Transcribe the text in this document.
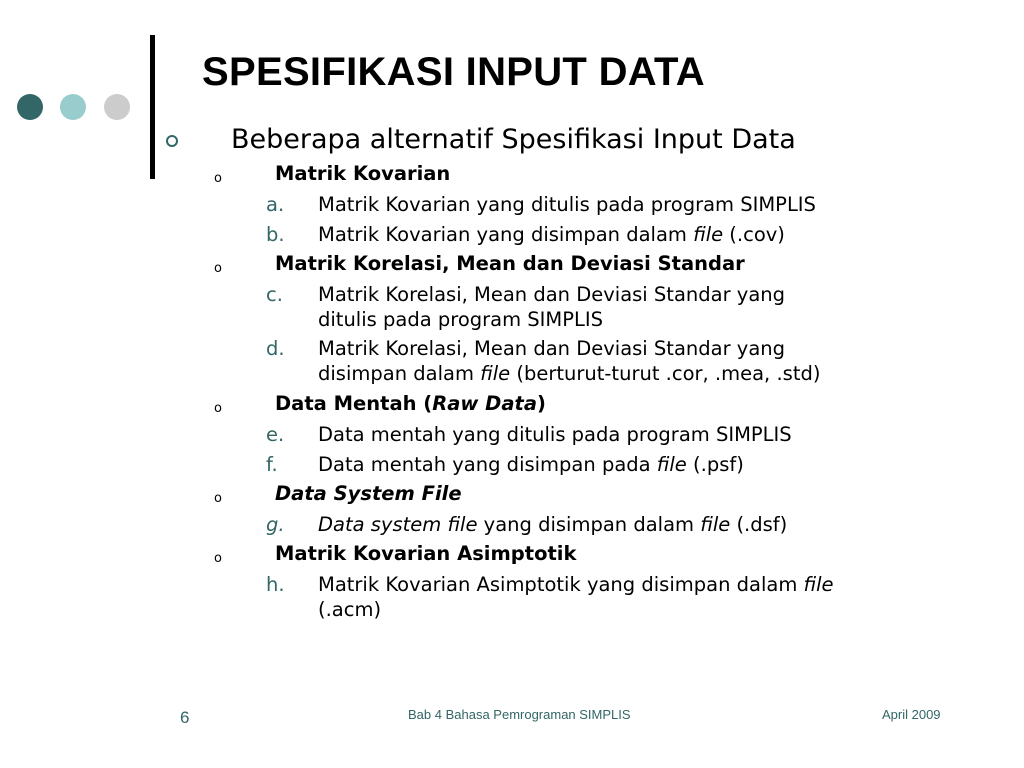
SPESIFIKASI INPUT DATA
Beberapa alternatif Spesifikasi Input Data
o	Matrik Kovarian
a. Matrik Kovarian yang ditulis pada program SIMPLIS
b. Matrik Kovarian yang disimpan dalam file (.cov)
o	Matrik Korelasi, Mean dan Deviasi Standar
c. Matrik Korelasi, Mean dan Deviasi Standar yang
ditulis pada program SIMPLIS
d. Matrik Korelasi, Mean dan Deviasi Standar yang
disimpan dalam file (berturut-turut .cor, .mea, .std)
o	Data Mentah (Raw Data)
e. Data mentah yang ditulis pada program SIMPLIS
f. Data mentah yang disimpan pada file (.psf)
o	Data System File
g. Data system file yang disimpan dalam file (.dsf)
o	Matrik Kovarian Asimptotik
h. Matrik Kovarian Asimptotik yang disimpan dalam file
(.acm)
6	Bab 4 Bahasa Pemrograman SIMPLIS	April 2009
